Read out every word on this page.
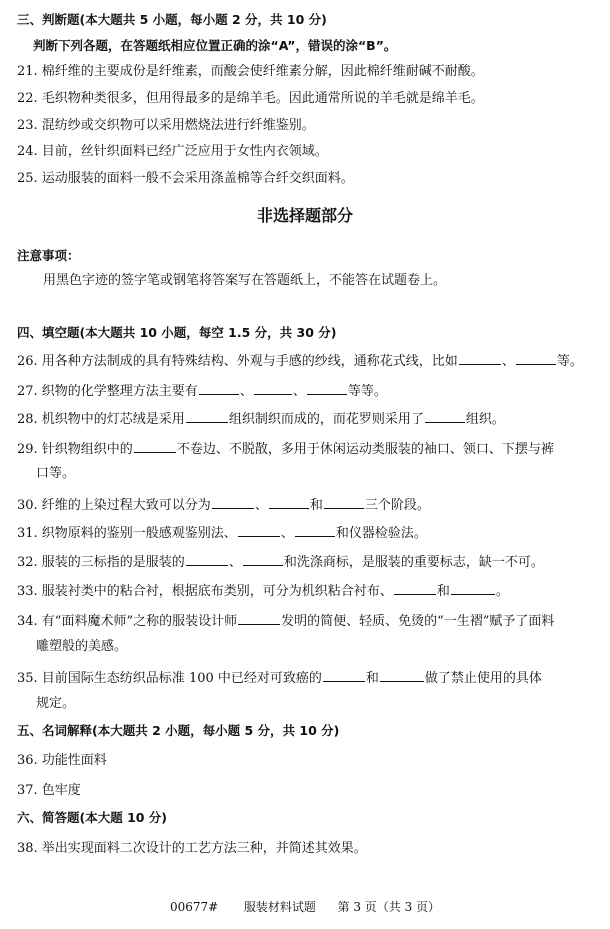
三、判断题(本大题共 5 小题，每小题 2 分，共 10 分)
判断下列各题，在答题纸相应位置正确的涂“A”，错误的涂“B”。
21. 棉纤维的主要成份是纤维素，而酸会使纤维素分解，因此棉纤维耐碱不耐酸。
22. 毛织物种类很多，但用得最多的是绵羊毛。因此通常所说的羊毛就是绵羊毛。
23. 混纺纱或交织物可以采用燃烧法进行纤维鉴别。
24. 目前，丝针织面料已经广泛应用于女性内衣领域。
25. 运动服装的面料一般不会采用涤盖棉等合纤交织面料。
非选择题部分
注意事项：
用黑色字迹的签字笔或钢笔将答案写在答题纸上，不能答在试题卷上。
四、填空题(本大题共 10 小题，每空 1.5 分，共 30 分)
26. 用各种方法制成的具有特殊结构、外观与手感的纱线，通称花式线，比如	、	等。
27. 织物的化学整理方法主要有	、	、	等等。
28. 机织物中的灯芯绒是采用	组织制织而成的，而花罗则采用了	组织。
29. 针织物组织中的	不卷边、不脱散，多用于休闲运动类服装的袖口、领口、下摆与裤
口等。
30. 纤维的上染过程大致可以分为	、	和	三个阶段。
31. 织物原料的鉴别一般感观鉴别法、	、	和仪器检验法。
32. 服装的三标指的是服装的	、	和洗涤商标，是服装的重要标志，缺一不可。
33. 服装衬类中的粘合衬，根据底布类别，可分为机织粘合衬布、	和	。
34. 有“面料魔术师”之称的服装设计师	发明的简便、轻质、免烫的“一生褶”赋予了面料
雕塑般的美感。
35. 目前国际生态纺织品标准 100 中已经对可致癌的	和	做了禁止使用的具体
规定。
五、名词解释(本大题共 2 小题，每小题 5 分，共 10 分)
36. 功能性面料
37. 色牢度
六、简答题(本大题 10 分)
38. 举出实现面料二次设计的工艺方法三种，并简述其效果。
00677# 服装材料试题 第 3 页（共 3 页）
